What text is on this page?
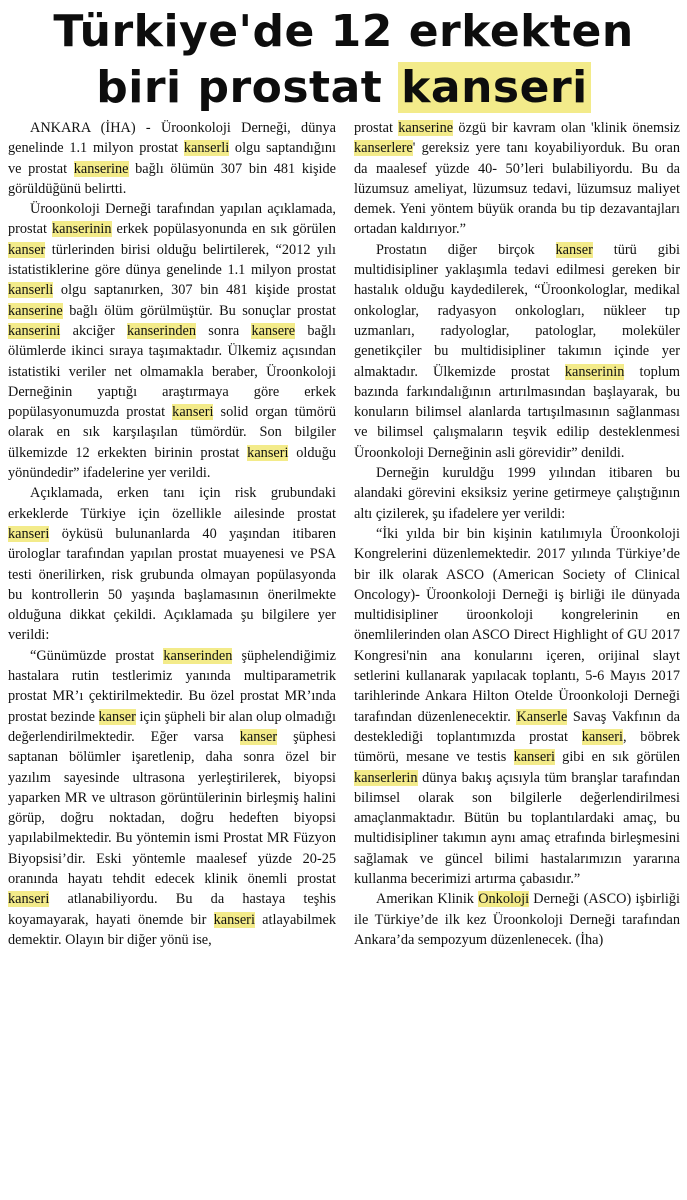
Türkiye'de 12 erkekten
biri prostat kanseri

ANKARA (İHA) - Üroonkoloji Derneği, dünya genelinde 1.1 milyon prostat kanserli olgu saptandığını ve prostat kanserine bağlı ölümün 307 bin 481 kişide görüldüğünü belirtti.

Üroonkoloji Derneği tarafından yapılan açıklamada, prostat kanserinin erkek popülasyonunda en sık görülen kanser türlerinden birisi olduğu belirtilerek, “2012 yılı istatistiklerine göre dünya genelinde 1.1 milyon prostat kanserli olgu saptanırken, 307 bin 481 kişide prostat kanserine bağlı ölüm görülmüştür. Bu sonuçlar prostat kanserini akciğer kanserinden sonra kansere bağlı ölümlerde ikinci sıraya taşımaktadır. Ülkemiz açısından istatistiki veriler net olmamakla beraber, Üroonkoloji Derneğinin yaptığı araştırmaya göre erkek popülasyonumuzda prostat kanseri solid organ tümörü olarak en sık karşılaşılan tümördür. Son bilgiler ülkemizde 12 erkekten birinin prostat kanseri olduğu yönündedir” ifadelerine yer verildi.

Açıklamada, erken tanı için risk grubundaki erkeklerde Türkiye için özellikle ailesinde prostat kanseri öyküsü bulunanlarda 40 yaşından itibaren ürologlar tarafından yapılan prostat muayenesi ve PSA testi önerilirken, risk grubunda olmayan popülasyonda bu kontrollerin 50 yaşında başlamasının önerilmekte olduğuna dikkat çekildi. Açıklamada şu bilgilere yer verildi:

“Günümüzde prostat kanserinden şüphelendiğimiz hastalara rutin testlerimiz yanında multiparametrik prostat MR’ı çektirilmektedir. Bu özel prostat MR’ında prostat bezinde kanser için şüpheli bir alan olup olmadığı değerlendirilmektedir. Eğer varsa kanser şüphesi saptanan bölümler işaretlenip, daha sonra özel bir yazılım sayesinde ultrasona yerleştirilerek, biyopsi yaparken MR ve ultrason görüntülerinin birleşmiş halini görüp, doğru noktadan, doğru hedeften biyopsi yapılabilmektedir. Bu yöntemin ismi Prostat MR Füzyon Biyopsisi’dir. Eski yöntemle maalesef yüzde 20-25 oranında hayatı tehdit edecek klinik önemli prostat kanseri atlanabiliyordu. Bu da hastaya teşhis koyamayarak, hayati önemde bir kanseri atlayabilmek demektir. Olayın bir diğer yönü ise,

prostat kanserine özgü bir kavram olan 'klinik önemsiz kanserlere' gereksiz yere tanı koyabiliyorduk. Bu oran da maalesef yüzde 40- 50’leri bulabiliyordu. Bu da lüzumsuz ameliyat, lüzumsuz tedavi, lüzumsuz maliyet demek. Yeni yöntem büyük oranda bu tip dezavantajları ortadan kaldırıyor.”

Prostatın diğer birçok kanser türü gibi multidisipliner yaklaşımla tedavi edilmesi gereken bir hastalık olduğu kaydedilerek, “Üroonkologlar, medikal onkologlar, radyasyon onkologları, nükleer tıp uzmanları, radyologlar, patologlar, moleküler genetikçiler bu multidisipliner takımın içinde yer almaktadır. Ülkemizde prostat kanserinin toplum bazında farkındalığının artırılmasından başlayarak, bu konuların bilimsel alanlarda tartışılmasının sağlanması ve bilimsel çalışmaların teşvik edilip desteklenmesi Üroonkoloji Derneğinin asli görevidir” denildi.

Derneğin kuruldğu 1999 yılından itibaren bu alandaki görevini eksiksiz yerine getirmeye çalıştığının altı çizilerek, şu ifadelere yer verildi:

“İki yılda bir bin kişinin katılımıyla Üroonkoloji Kongrelerini düzenlemektedir. 2017 yılında Türkiye’de bir ilk olarak ASCO (American Society of Clinical Oncology)- Üroonkoloji Derneği iş birliği ile dünyada multidisipliner üroonkoloji kongrelerinin en önemlilerinden olan ASCO Direct Highlight of GU 2017 Kongresi'nin ana konularını içeren, orijinal slayt setlerini kullanarak yapılacak toplantı, 5-6 Mayıs 2017 tarihlerinde Ankara Hilton Otelde Üroonkoloji Derneği tarafından düzenlenecektir. Kanserle Savaş Vakfının da desteklediği toplantımızda prostat kanseri, böbrek tümörü, mesane ve testis kanseri gibi en sık görülen kanserlerin dünya bakış açısıyla tüm branşlar tarafından bilimsel olarak son bilgilerle değerlendirilmesi amaçlanmaktadır. Bütün bu toplantılardaki amaç, bu multidisipliner takımın aynı amaç etrafında birleşmesini sağlamak ve güncel bilimi hastalarımızın yararına kullanma becerimizi artırma çabasıdır.”

Amerikan Klinik Onkoloji Derneği (ASCO) işbirliği ile Türkiye’de ilk kez Üroonkoloji Derneği tarafından Ankara’da sempozyum düzenlenecek. (İha)
